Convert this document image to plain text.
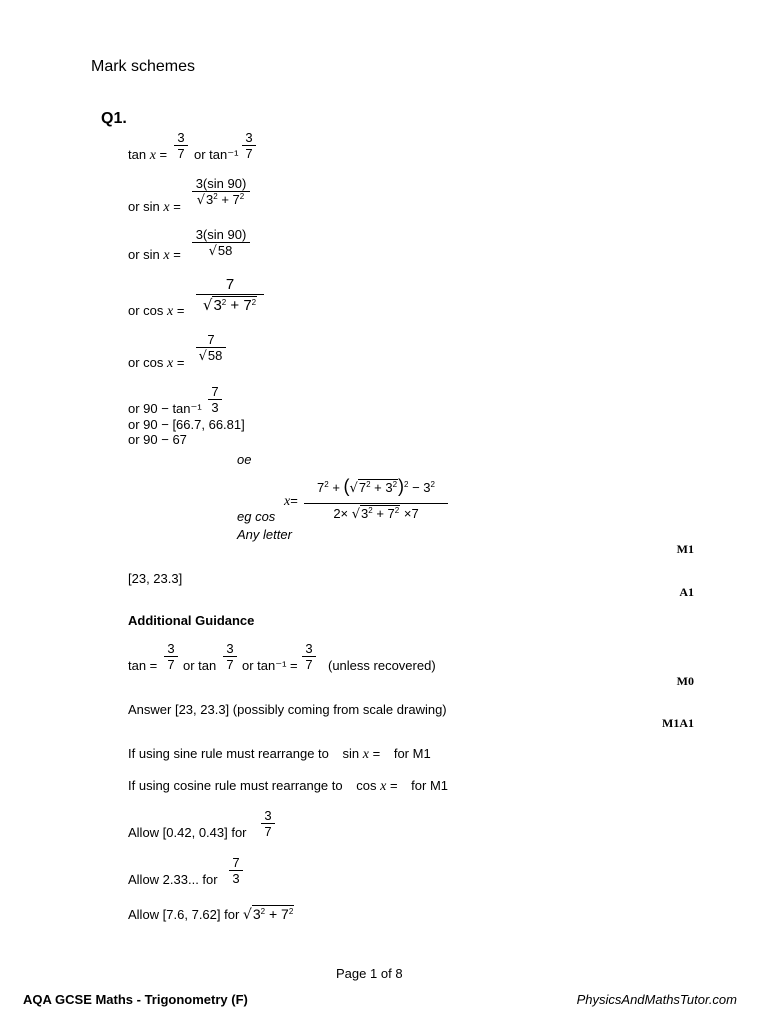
Mark schemes
Q1.
$\tan x = \frac{3}{7}$ or $\tan^{-1} \frac{3}{7}$
or $\sin x = \frac{3(\sin 90)}{√3^2 + 7^2}$
or $\sin x = \frac{3(\sin 90)}{√58}$
or $\cos x = \frac{7}{√3^2 + 7^2}$
or $\cos x = \frac{7}{√58}$
or $90 - \tan^{-1} \frac{7}{3}$
or 90 − [66.7, 66.81]
or 90 − 67
oe
eg cos
$x= \frac{7^2 + (√7^2 + 3^2)^2 - 3^2}{2\times √3^2 + 7^2 \times 7}$
Any letter
M1
[23, 23.3]
A1
Additional Guidance
$\tan = \frac{3}{7}$ or $\tan \frac{3}{7}$ or $\tan^{-1} = \frac{3}{7}$ (unless recovered)
M0
Answer [23, 23.3] (possibly coming from scale drawing)
M1A1
If using sine rule must rearrange to sin x = for M1
If using cosine rule must rearrange to cos x = for M1
Allow [0.42, 0.43] for $\frac{3}{7}$
Allow 2.33... for $\frac{7}{3}$
Allow [7.6, 7.62] for $√3^2 + 7^2$
Page 1 of 8
AQA GCSE Maths - Trigonometry (F)	PhysicsAndMathsTutor.com
